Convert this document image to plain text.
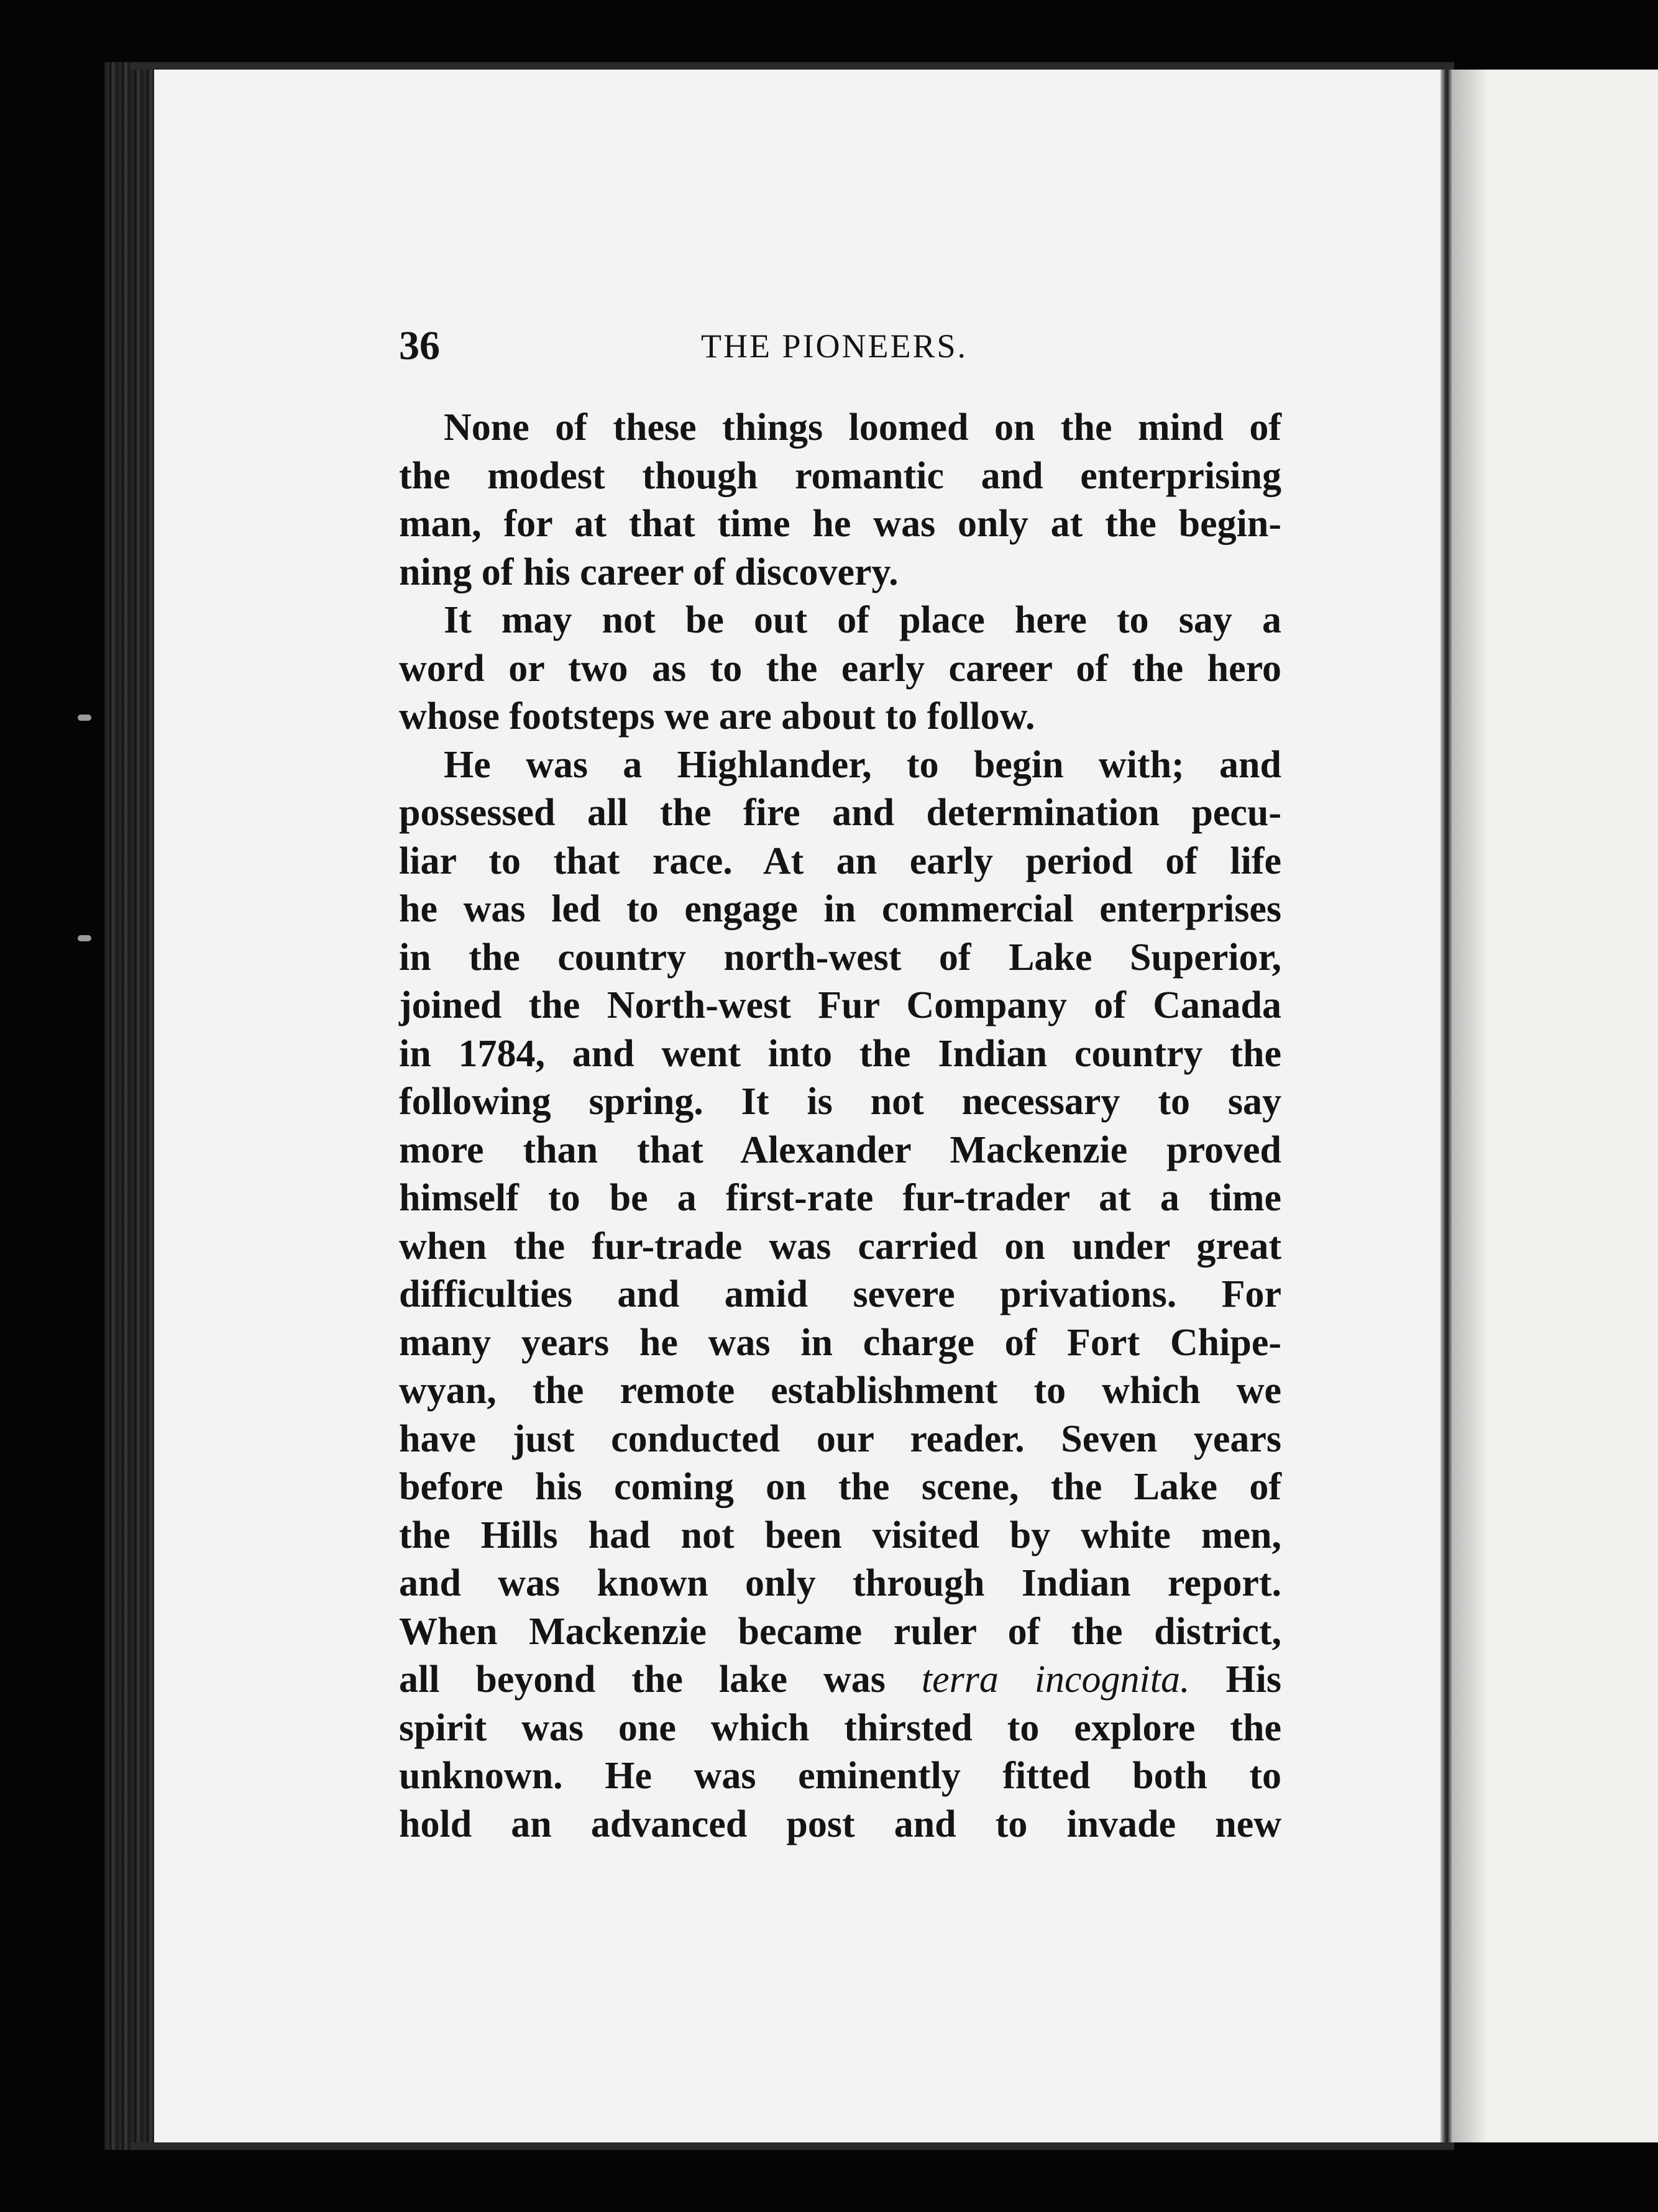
36	THE PIONEERS.
None of these things loomed on the mind of
the modest though romantic and enterprising
man, for at that time he was only at the begin-
ning of his career of discovery.
It may not be out of place here to say a
word or two as to the early career of the hero
whose footsteps we are about to follow.
He was a Highlander, to begin with; and
possessed all the fire and determination pecu-
liar to that race. At an early period of life
he was led to engage in commercial enterprises
in the country north-west of Lake Superior,
joined the North-west Fur Company of Canada
in 1784, and went into the Indian country the
following spring. It is not necessary to say
more than that Alexander Mackenzie proved
himself to be a first-rate fur-trader at a time
when the fur-trade was carried on under great
difficulties and amid severe privations. For
many years he was in charge of Fort Chipe-
wyan, the remote establishment to which we
have just conducted our reader. Seven years
before his coming on the scene, the Lake of
the Hills had not been visited by white men,
and was known only through Indian report.
When Mackenzie became ruler of the district,
all beyond the lake was terra incognita. His
spirit was one which thirsted to explore the
unknown. He was eminently fitted both to
hold an advanced post and to invade new
